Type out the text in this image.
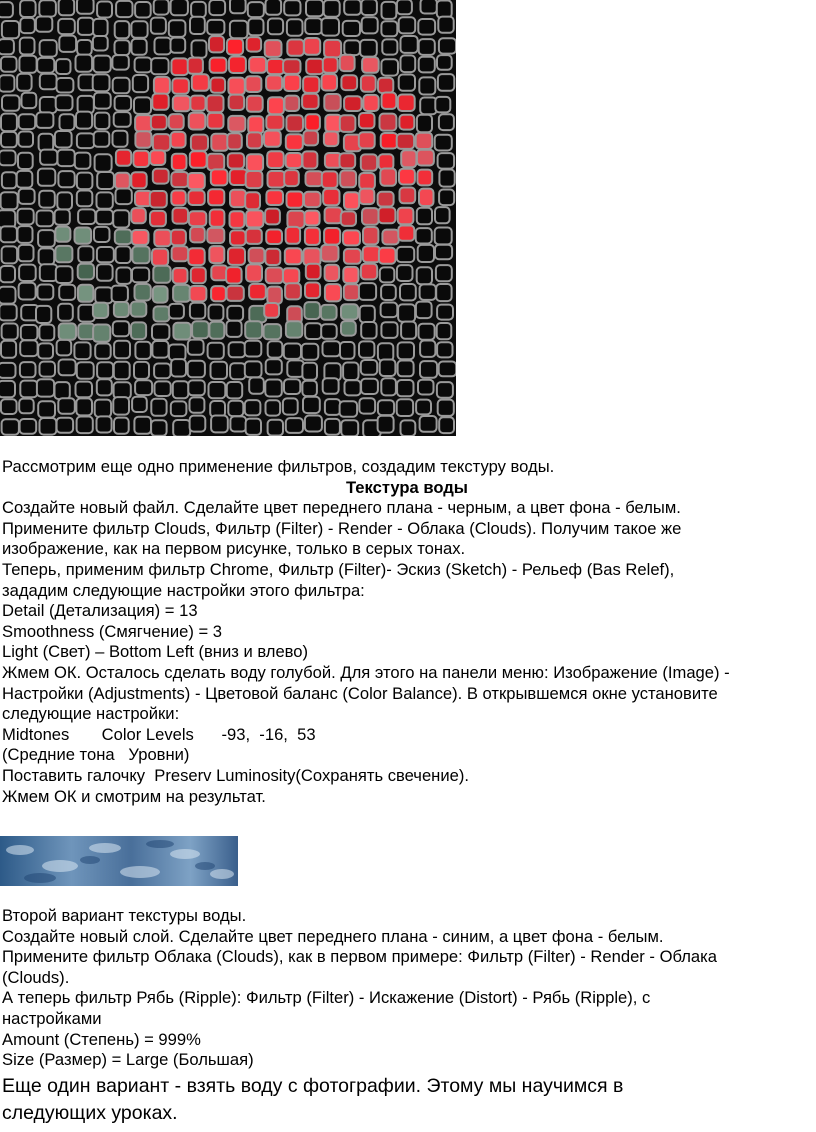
Рассмотрим еще одно применение фильтров, создадим текстуру воды.
Текстура воды
Создайте новый файл. Сделайте цвет переднего плана - черным, а цвет фона - белым.
Примените фильтр Clouds, Фильтр (Filter) - Render - Облака (Clouds). Получим такое же
изображение, как на первом рисунке, только в серых тонах.
Теперь, применим фильтр Chrome, Фильтр (Filter)- Эскиз (Sketch) - Рельеф (Bas Relef),
зададим следующие настройки этого фильтра:
Detail (Детализация) = 13
Smoothness (Смягчение) = 3
Light (Свет) – Bottom Left (вниз и влево)
Жмем ОК. Осталось сделать воду голубой. Для этого на панели меню: Изображение (Image) -
Настройки (Adjustments) - Цветовой баланс (Color Balance). В открывшемся окне установите
следующие настройки:
Midtones       Color Levels      -93,  -16,  53
(Средние тона   Уровни)
Поставить галочку  Preserv Luminosity(Сохранять свечение).
Жмем ОК и смотрим на результат.
Второй вариант текстуры воды.
Создайте новый слой. Сделайте цвет переднего плана - синим, а цвет фона - белым.
Примените фильтр Облака (Clouds), как в первом примере: Фильтр (Filter) - Render - Облака
(Clouds).
А теперь фильтр Рябь (Ripple): Фильтр (Filter) - Искажение (Distort) - Рябь (Ripple), с
настройками
Amount (Степень) = 999%
Size (Размер) = Large (Большая)
Еще один вариант - взять воду с фотографии. Этому мы научимся в
следующих уроках.
